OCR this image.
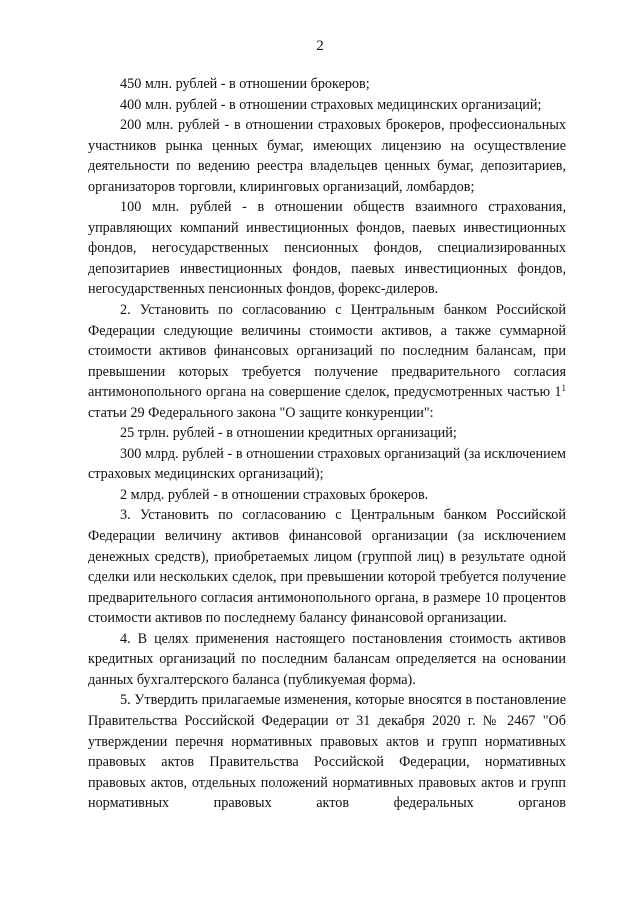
2

450 млн. рублей - в отношении брокеров;

400 млн. рублей - в отношении страховых медицинских организаций;

200 млн. рублей - в отношении страховых брокеров, профессиональных участников рынка ценных бумаг, имеющих лицензию на осуществление деятельности по ведению реестра владельцев ценных бумаг, депозитариев, организаторов торговли, клиринговых организаций, ломбардов;

100 млн. рублей - в отношении обществ взаимного страхования, управляющих компаний инвестиционных фондов, паевых инвестиционных фондов, негосударственных пенсионных фондов, специализированных депозитариев инвестиционных фондов, паевых инвестиционных фондов, негосударственных пенсионных фондов, форекс-дилеров.

2. Установить по согласованию с Центральным банком Российской Федерации следующие величины стоимости активов, а также суммарной стоимости активов финансовых организаций по последним балансам, при превышении которых требуется получение предварительного согласия антимонопольного органа на совершение сделок, предусмотренных частью $1^1$ статьи 29 Федерального закона "О защите конкуренции":

25 трлн. рублей - в отношении кредитных организаций;

300 млрд. рублей - в отношении страховых организаций (за исключением страховых медицинских организаций);

2 млрд. рублей - в отношении страховых брокеров.

3. Установить по согласованию с Центральным банком Российской Федерации величину активов финансовой организации (за исключением денежных средств), приобретаемых лицом (группой лиц) в результате одной сделки или нескольких сделок, при превышении которой требуется получение предварительного согласия антимонопольного органа, в размере 10 процентов стоимости активов по последнему балансу финансовой организации.

4. В целях применения настоящего постановления стоимость активов кредитных организаций по последним балансам определяется на основании данных бухгалтерского баланса (публикуемая форма).

5. Утвердить прилагаемые изменения, которые вносятся в постановление Правительства Российской Федерации от 31 декабря 2020 г. № 2467 "Об утверждении перечня нормативных правовых актов и групп нормативных правовых актов Правительства Российской Федерации, нормативных правовых актов, отдельных положений нормативных правовых актов и групп нормативных правовых актов федеральных органов
